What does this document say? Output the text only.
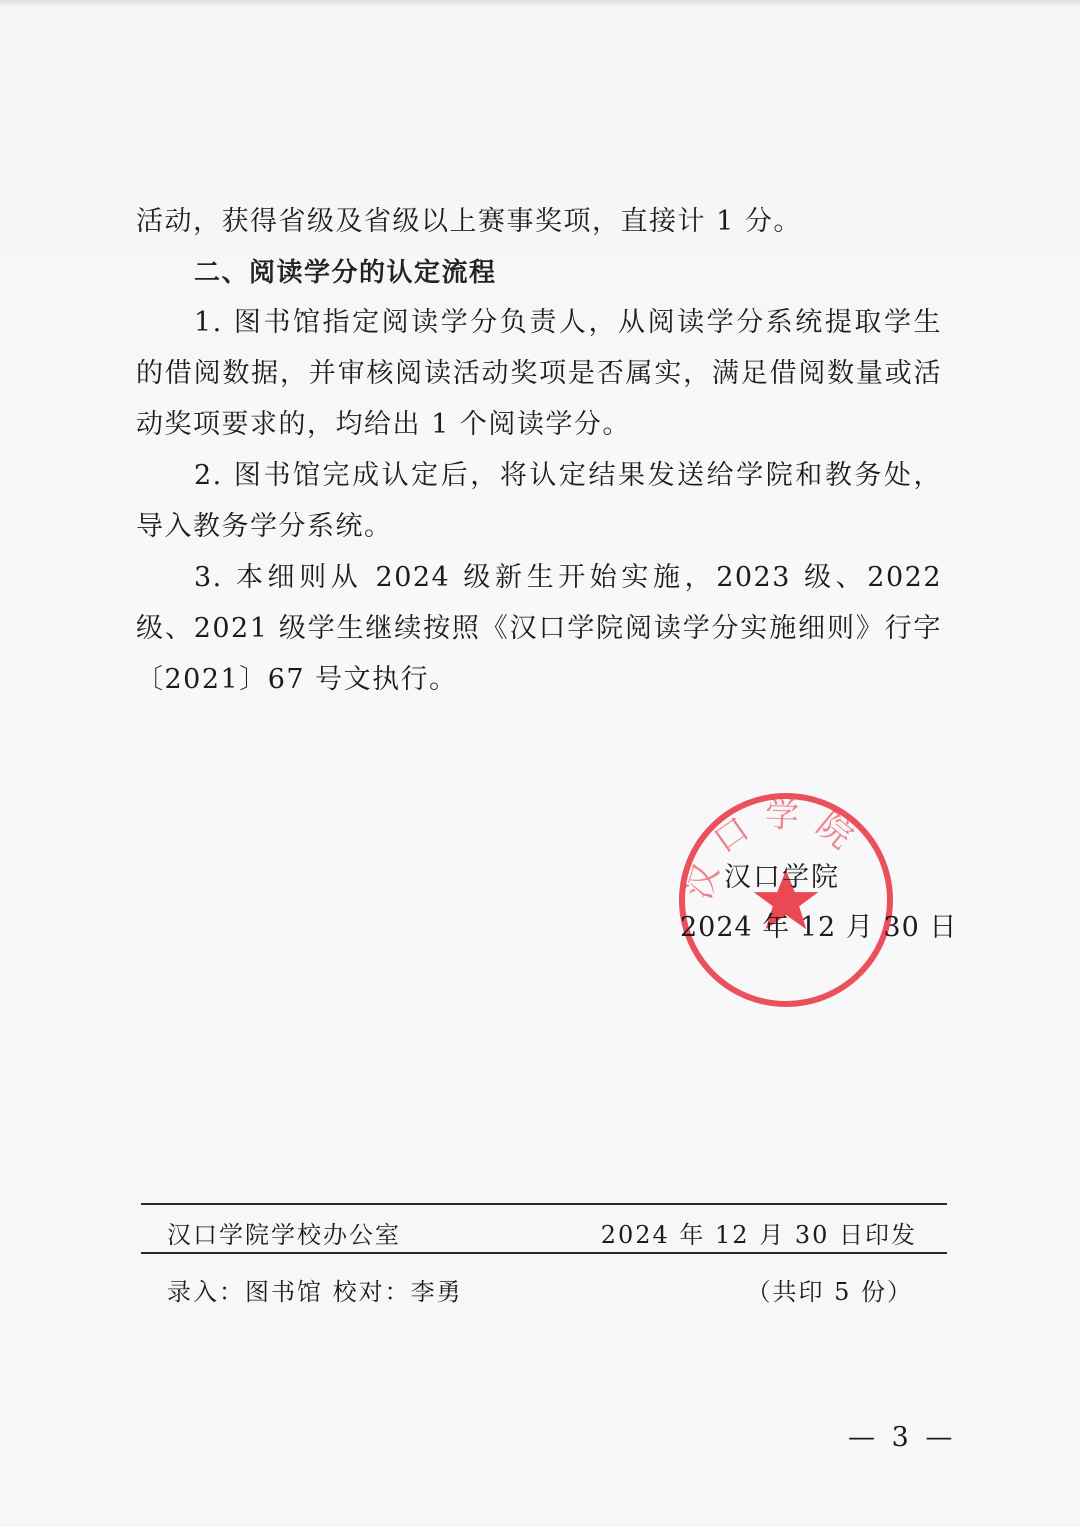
活动，获得省级及省级以上赛事奖项，直接计 1 分。

二、阅读学分的认定流程

1. 图书馆指定阅读学分负责人，从阅读学分系统提取学生的借阅数据，并审核阅读活动奖项是否属实，满足借阅数量或活动奖项要求的，均给出 1 个阅读学分。

2. 图书馆完成认定后，将认定结果发送给学院和教务处，导入教务学分系统。

3. 本细则从 2024 级新生开始实施，2023 级、2022 级、2021 级学生继续按照《汉口学院阅读学分实施细则》行字〔2021〕67 号文执行。

汉口学院
汉口学院
2024 年 12 月 30 日
汉口学院学校办公室	2024 年 12 月 30 日印发
录入：图书馆 校对：李勇	（共印 5 份）
— 3 —
